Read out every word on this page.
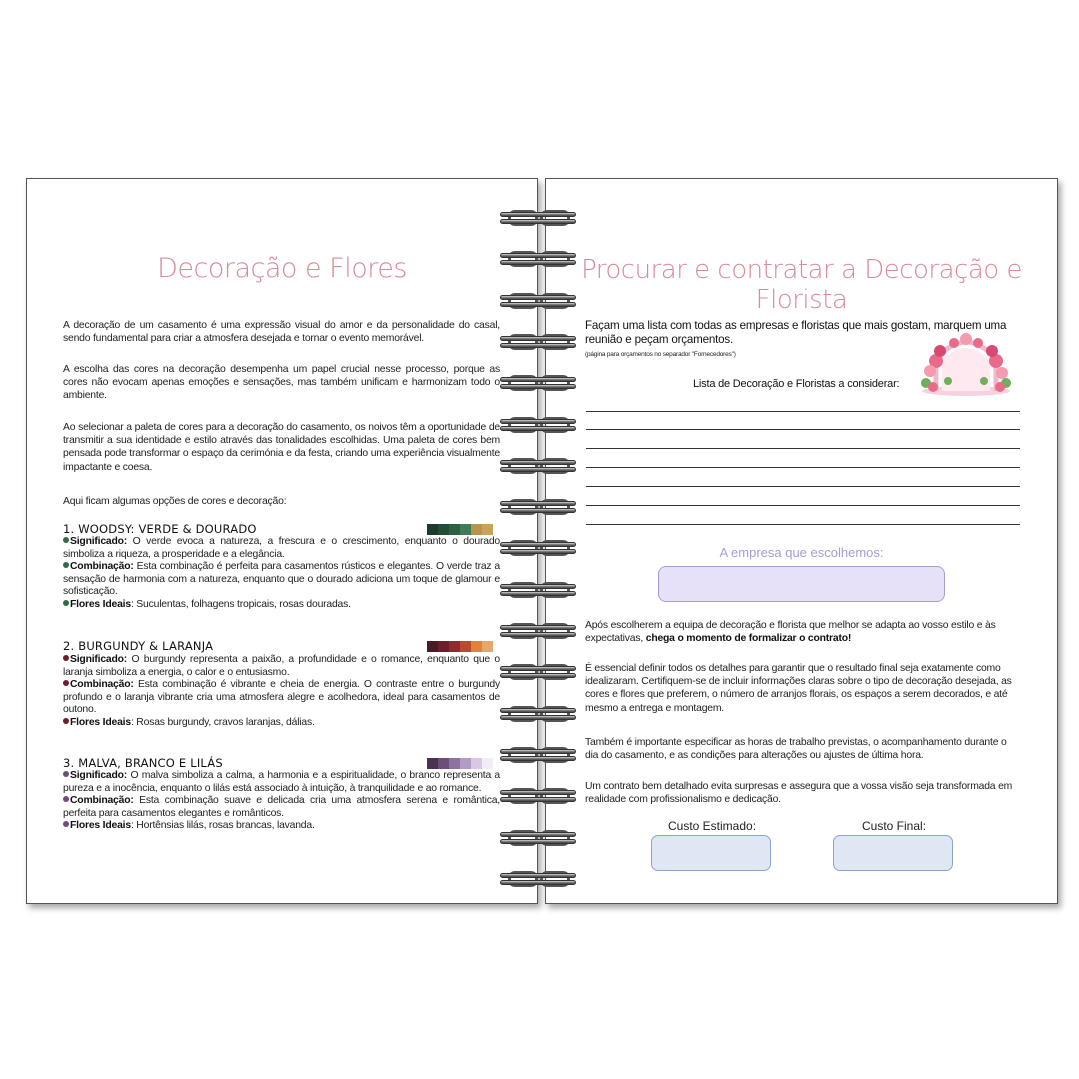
Decoração e Flores
A decoração de um casamento é uma expressão visual do amor e da personalidade do casal, sendo fundamental para criar a atmosfera desejada e tornar o evento memorável.
A escolha das cores na decoração desempenha um papel crucial nesse processo, porque as cores não evocam apenas emoções e sensações, mas também unificam e harmonizam todo o ambiente.
Ao selecionar a paleta de cores para a decoração do casamento, os noivos têm a oportunidade de transmitir a sua identidade e estilo através das tonalidades escolhidas. Uma paleta de cores bem pensada pode transformar o espaço da cerimónia e da festa, criando uma experiência visualmente impactante e coesa.
Aqui ficam algumas opções de cores e decoração:
1. WOODSY: VERDE & DOURADO

Significado: O verde evoca a natureza, a frescura e o crescimento, enquanto o dourado simboliza a riqueza, a prosperidade e a elegância.

Combinação: Esta combinação é perfeita para casamentos rústicos e elegantes. O verde traz a sensação de harmonia com a natureza, enquanto que o dourado adiciona um toque de glamour e sofisticação.

Flores Ideais: Suculentas, folhagens tropicais, rosas douradas.

2. BURGUNDY & LARANJA

Significado: O burgundy representa a paixão, a profundidade e o romance, enquanto que o laranja simboliza a energia, o calor e o entusiasmo.

Combinação: Esta combinação é vibrante e cheia de energia. O contraste entre o burgundy profundo e o laranja vibrante cria uma atmosfera alegre e acolhedora, ideal para casamentos de outono.

Flores Ideais: Rosas burgundy, cravos laranjas, dálias.

3. MALVA, BRANCO E LILÁS

Significado: O malva simboliza a calma, a harmonia e a espiritualidade, o branco representa a pureza e a inocência, enquanto o lilás está associado à intuição, à tranquilidade e ao romance.

Combinação: Esta combinação suave e delicada cria uma atmosfera serena e romântica, perfeita para casamentos elegantes e românticos.

Flores Ideais: Hortênsias lilás, rosas brancas, lavanda.

Procurar e contratar a Decoração e Florista
Façam uma lista com todas as empresas e floristas que mais gostam, marquem uma reunião e peçam orçamentos.
(página para orçamentos no separador "Fornecedores")
Lista de Decoração e Floristas a considerar:
A empresa que escolhemos:
Após escolherem a equipa de decoração e florista que melhor se adapta ao vosso estilo e às expectativas, chega o momento de formalizar o contrato!
É essencial definir todos os detalhes para garantir que o resultado final seja exatamente como idealizaram. Certifiquem-se de incluir informações claras sobre o tipo de decoração desejada, as cores e flores que preferem, o número de arranjos florais, os espaços a serem decorados, e até mesmo a entrega e montagem.
Também é importante especificar as horas de trabalho previstas, o acompanhamento durante o dia do casamento, e as condições para alterações ou ajustes de última hora.
Um contrato bem detalhado evita surpresas e assegura que a vossa visão seja transformada em realidade com profissionalismo e dedicação.
Custo Estimado:	Custo Final:
